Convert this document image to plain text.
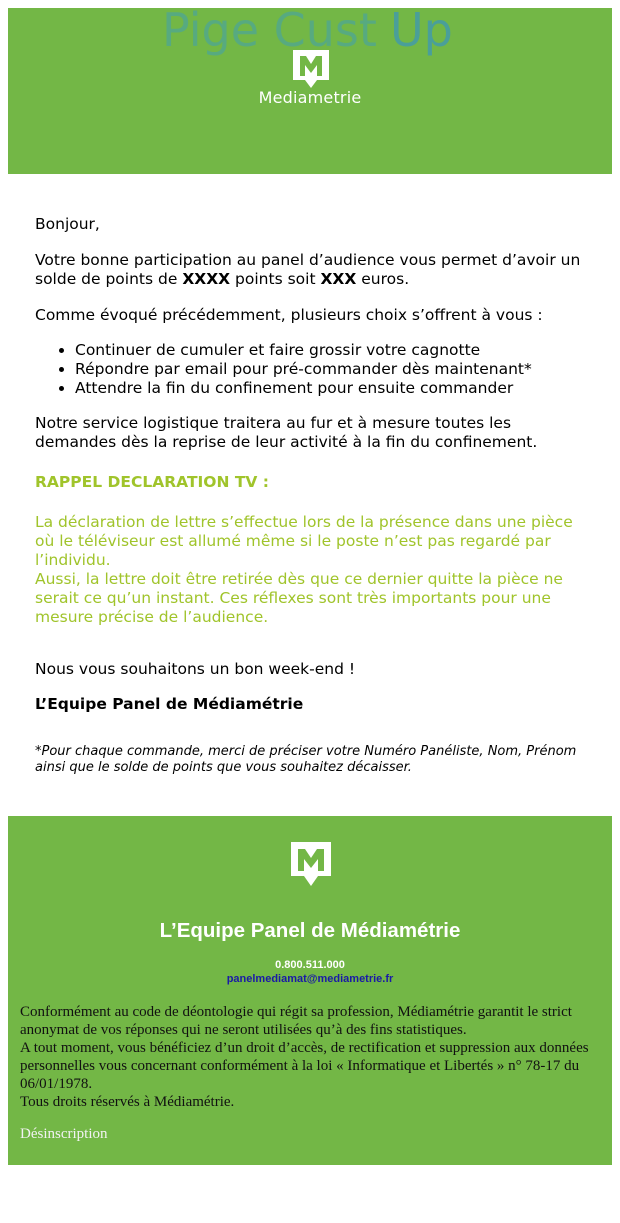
Pige Cust Up
Mediametrie

Bonjour,

Votre bonne participation au panel d’audience vous permet d’avoir un solde de points de XXXX points soit XXX euros.

Comme évoqué précédemment, plusieurs choix s’offrent à vous :

• Continuer de cumuler et faire grossir votre cagnotte
• Répondre par email pour pré-commander dès maintenant*
• Attendre la fin du confinement pour ensuite commander

Notre service logistique traitera au fur et à mesure toutes les demandes dès la reprise de leur activité à la fin du confinement.

RAPPEL DECLARATION TV :

La déclaration de lettre s’effectue lors de la présence dans une pièce où le téléviseur est allumé même si le poste n’est pas regardé par l’individu.
Aussi, la lettre doit être retirée dès que ce dernier quitte la pièce ne serait ce qu’un instant. Ces réflexes sont très importants pour une mesure précise de l’audience.

Nous vous souhaitons un bon week-end !

L’Equipe Panel de Médiamétrie

*Pour chaque commande, merci de préciser votre Numéro Panéliste, Nom, Prénom ainsi que le solde de points que vous souhaitez décaisser.

L’Equipe Panel de Médiamétrie
0.800.511.000
panelmediamat@mediametrie.fr
Conformément au code de déontologie qui régit sa profession, Médiamétrie garantit le strict anonymat de vos réponses qui ne seront utilisées qu’à des fins statistiques.
A tout moment, vous bénéficiez d’un droit d’accès, de rectification et suppression aux données personnelles vous concernant conformément à la loi « Informatique et Libertés » n° 78-17 du 06/01/1978.
Tous droits réservés à Médiamétrie.
Désinscription
